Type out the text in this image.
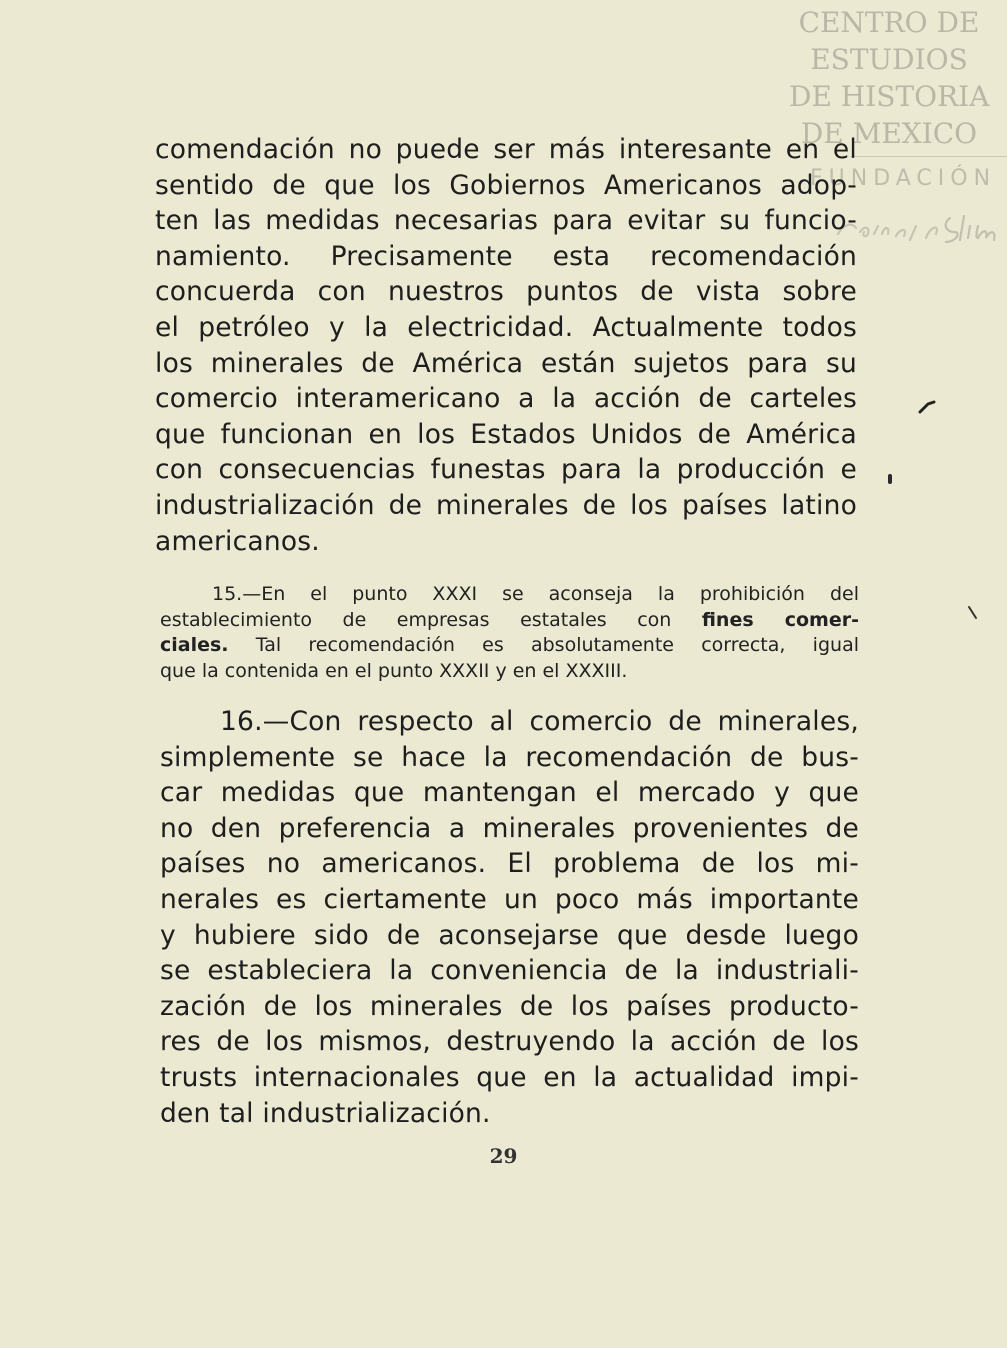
CENTRO DE
ESTUDIOS
DE HISTORIA
DE MEXICO
FUNDACIÓN
comendación no puede ser más interesante en el
sentido de que los Gobiernos Americanos adop-
ten las medidas necesarias para evitar su funcio-
namiento. Precisamente esta recomendación
concuerda con nuestros puntos de vista sobre
el petróleo y la electricidad. Actualmente todos
los minerales de América están sujetos para su
comercio interamericano a la acción de carteles
que funcionan en los Estados Unidos de América
con consecuencias funestas para la producción e
industrialización de minerales de los países latino
americanos.
15.—En el punto XXXI se aconseja la prohibición del
establecimiento de empresas estatales con fines comer-
ciales. Tal recomendación es absolutamente correcta, igual
que la contenida en el punto XXXII y en el XXXIII.
16.—Con respecto al comercio de minerales,
simplemente se hace la recomendación de bus-
car medidas que mantengan el mercado y que
no den preferencia a minerales provenientes de
países no americanos. El problema de los mi-
nerales es ciertamente un poco más importante
y hubiere sido de aconsejarse que desde luego
se estableciera la conveniencia de la industriali-
zación de los minerales de los países producto-
res de los mismos, destruyendo la acción de los
trusts internacionales que en la actualidad impi-
den tal industrialización.
29
